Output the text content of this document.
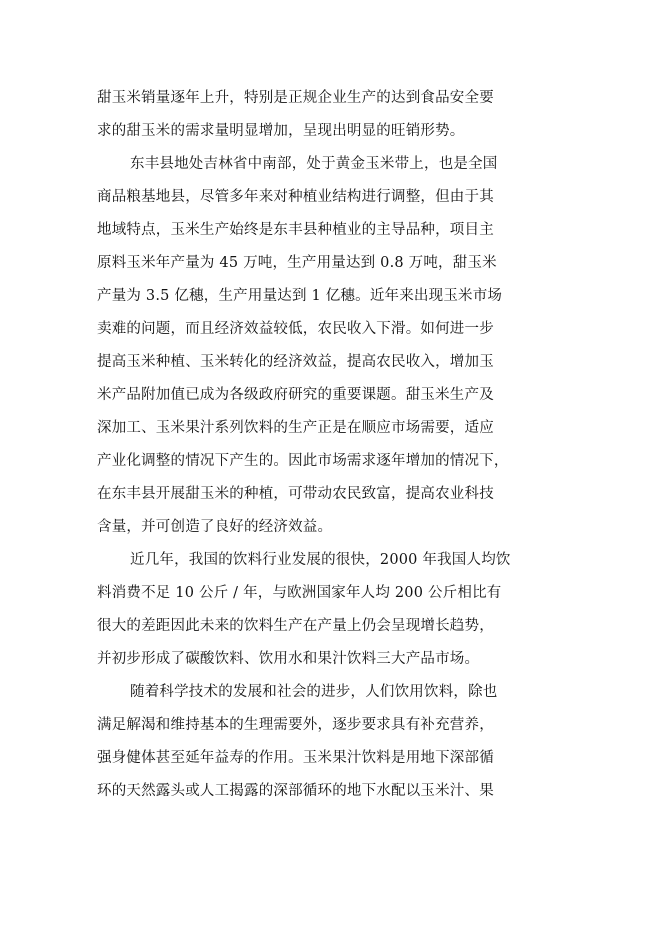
甜玉米销量逐年上升，特别是正规企业生产的达到食品安全要
求的甜玉米的需求量明显增加，呈现出明显的旺销形势。
东丰县地处吉林省中南部，处于黄金玉米带上，也是全国
商品粮基地县，尽管多年来对种植业结构进行调整，但由于其
地域特点，玉米生产始终是东丰县种植业的主导品种，项目主
原料玉米年产量为 45 万吨，生产用量达到 0.8 万吨，甜玉米
产量为 3.5 亿穗，生产用量达到 1 亿穗。近年来出现玉米市场
卖难的问题，而且经济效益较低，农民收入下滑。如何进一步
提高玉米种植、玉米转化的经济效益，提高农民收入，增加玉
米产品附加值已成为各级政府研究的重要课题。甜玉米生产及
深加工、玉米果汁系列饮料的生产正是在顺应市场需要，适应
产业化调整的情况下产生的。因此市场需求逐年增加的情况下，
在东丰县开展甜玉米的种植，可带动农民致富，提高农业科技
含量，并可创造了良好的经济效益。
近几年，我国的饮料行业发展的很快，2000 年我国人均饮
料消费不足 10 公斤 / 年，与欧洲国家年人均 200 公斤相比有
很大的差距因此未来的饮料生产在产量上仍会呈现增长趋势，
并初步形成了碳酸饮料、饮用水和果汁饮料三大产品市场。
随着科学技术的发展和社会的进步，人们饮用饮料，除也
满足解渴和维持基本的生理需要外，逐步要求具有补充营养，
强身健体甚至延年益寿的作用。玉米果汁饮料是用地下深部循
环的天然露头或人工揭露的深部循环的地下水配以玉米汁、果
